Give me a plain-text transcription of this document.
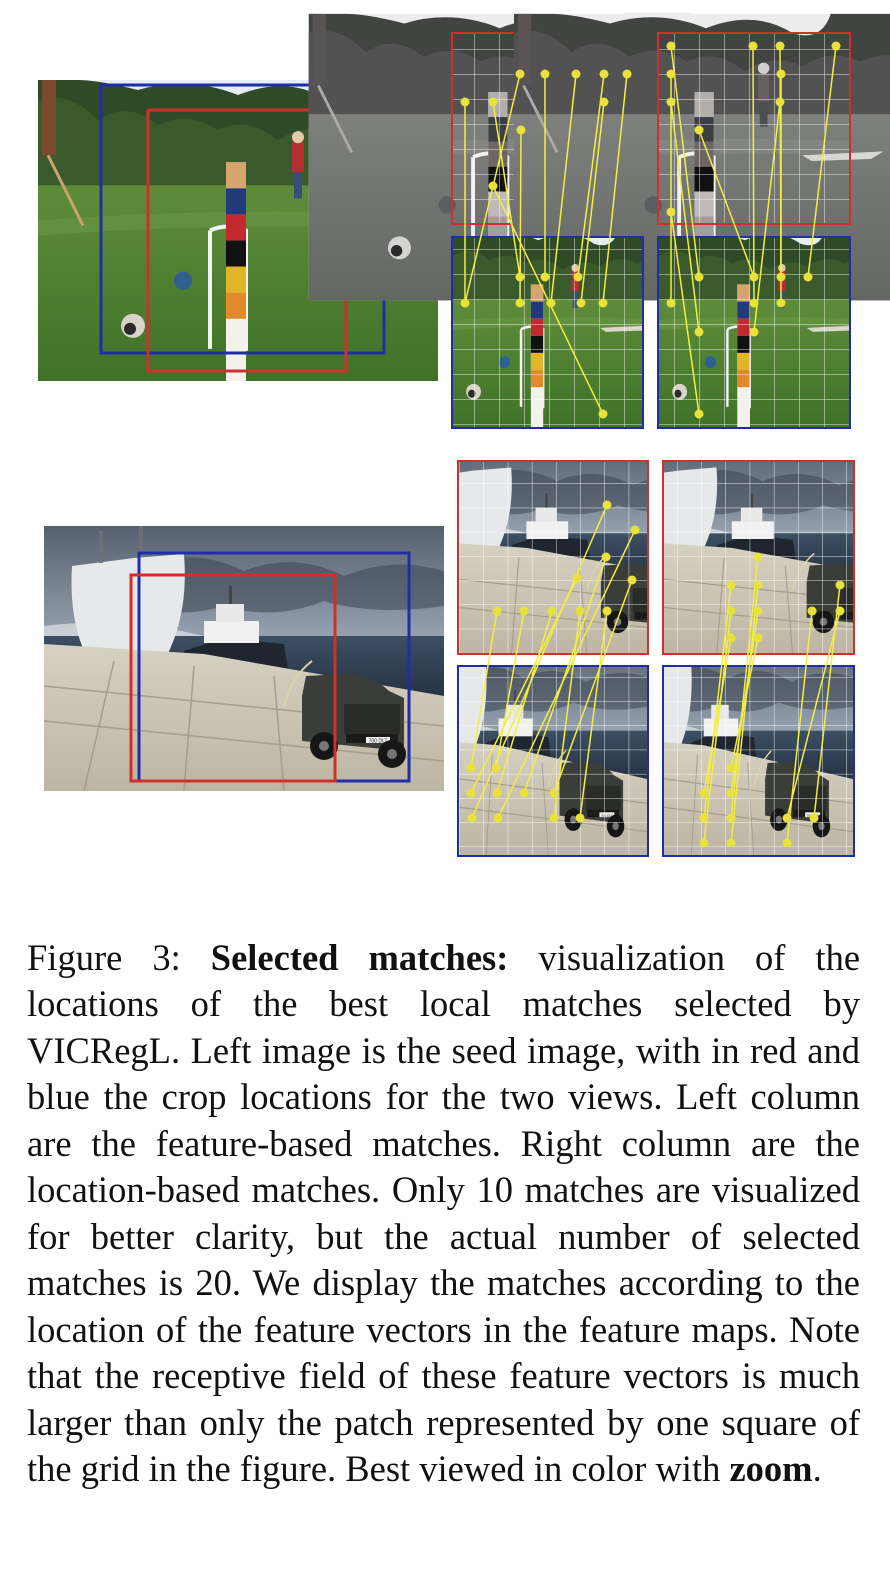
Figure 3: Selected matches: visualization of the locations of the best local matches selected by VICRegL. Left image is the seed image, with in red and blue the crop locations for the two views. Left column are the feature-based matches. Right column are the location-based matches. Only 10 matches are visualized for better clarity, but the actual number of selected matches is 20. We display the matches according to the location of the feature vectors in the feature maps. Note that the receptive field of these feature vectors is much larger than only the patch represented by one square of the grid in the figure. Best viewed in color with zoom.
